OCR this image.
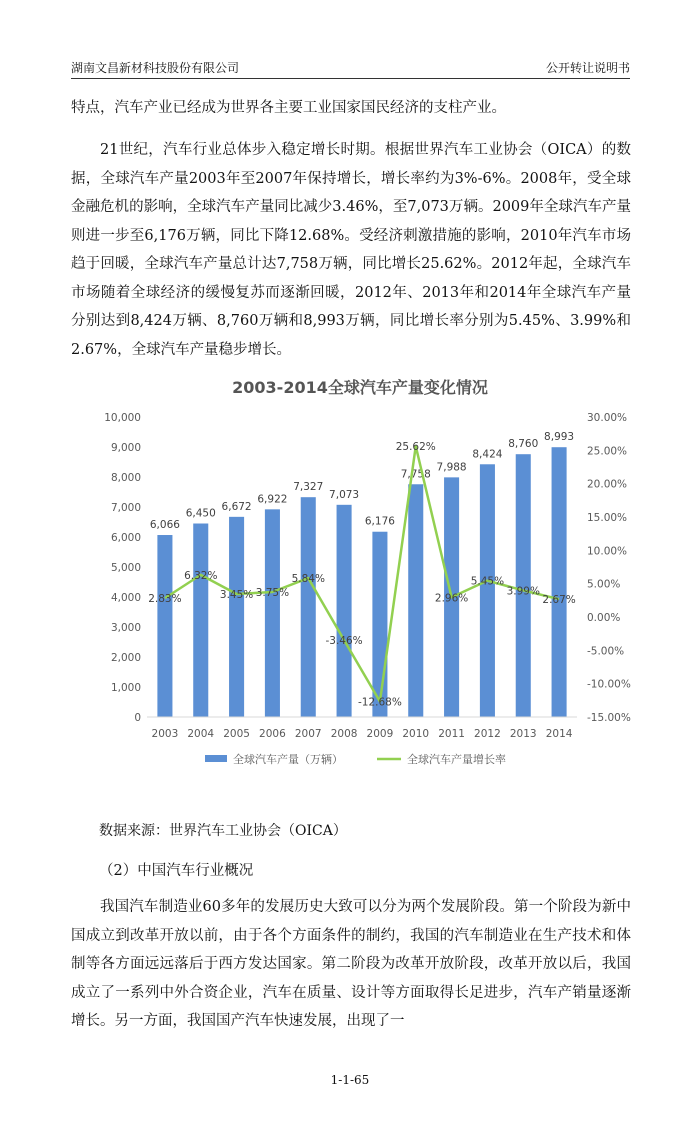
湖南文昌新材科技股份有限公司	公开转让说明书

特点，汽车产业已经成为世界各主要工业国家国民经济的支柱产业。

21世纪，汽车行业总体步入稳定增长时期。根据世界汽车工业协会（OICA）的数据，全球汽车产量2003年至2007年保持增长，增长率约为3%-6%。2008年，受全球金融危机的影响，全球汽车产量同比减少3.46%，至7,073万辆。2009年全球汽车产量则进一步至6,176万辆，同比下降12.68%。受经济刺激措施的影响，2010年汽车市场趋于回暖，全球汽车产量总计达7,758万辆，同比增长25.62%。2012年起，全球汽车市场随着全球经济的缓慢复苏而逐渐回暖，2012年、2013年和2014年全球汽车产量分别达到8,424万辆、8,760万辆和8,993万辆，同比增长率分别为5.45%、3.99%和2.67%，全球汽车产量稳步增长。

2003-2014全球汽车产量变化情况
0
1,000
2,000
3,000
4,000
5,000
6,000
7,000
8,000
9,000
10,000
-15.00%
-10.00%
-5.00%
0.00%
5.00%
10.00%
15.00%
20.00%
25.00%
30.00%
6,066
2003
6,450
2004
6,672
2005
6,922
2006
7,327
2007
7,073
2008
6,176
2009
7,758
2010
7,988
2011
8,424
2012
8,760
2013
8,993
2014
2.83%
6.32%
3.45% 3.75%
5.84%
-3.46%
-12.68%
25.62%
2.96%
5.45%
3.99%
2.67%
全球汽车产量（万辆）	全球汽车产量增长率

数据来源：世界汽车工业协会（OICA）

（2）中国汽车行业概况

我国汽车制造业60多年的发展历史大致可以分为两个发展阶段。第一个阶段为新中国成立到改革开放以前，由于各个方面条件的制约，我国的汽车制造业在生产技术和体制等各方面远远落后于西方发达国家。第二阶段为改革开放阶段，改革开放以后，我国成立了一系列中外合资企业，汽车在质量、设计等方面取得长足进步，汽车产销量逐渐增长。另一方面，我国国产汽车快速发展，出现了一

1-1-65
